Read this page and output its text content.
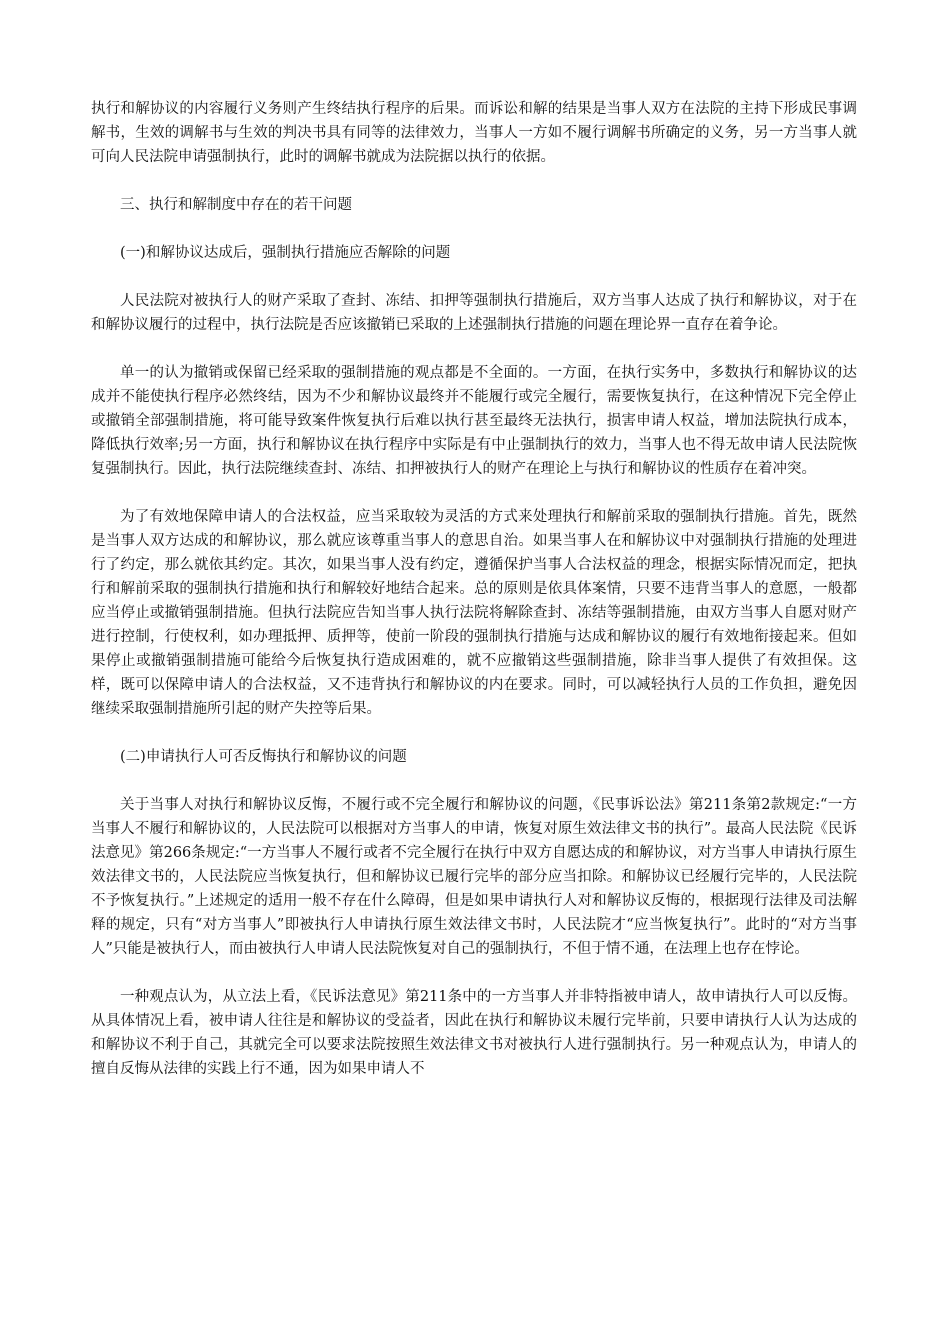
执行和解协议的内容履行义务则产生终结执行程序的后果。而诉讼和解的结果是当事人双方在法院的主持下形成民事调解书，生效的调解书与生效的判决书具有同等的法律效力，当事人一方如不履行调解书所确定的义务，另一方当事人就可向人民法院申请强制执行，此时的调解书就成为法院据以执行的依据。

三、执行和解制度中存在的若干问题

(一)和解协议达成后，强制执行措施应否解除的问题

人民法院对被执行人的财产采取了查封、冻结、扣押等强制执行措施后，双方当事人达成了执行和解协议，对于在和解协议履行的过程中，执行法院是否应该撤销已采取的上述强制执行措施的问题在理论界一直存在着争论。

单一的认为撤销或保留已经采取的强制措施的观点都是不全面的。一方面，在执行实务中，多数执行和解协议的达成并不能使执行程序必然终结，因为不少和解协议最终并不能履行或完全履行，需要恢复执行，在这种情况下完全停止或撤销全部强制措施，将可能导致案件恢复执行后难以执行甚至最终无法执行，损害申请人权益，增加法院执行成本，降低执行效率;另一方面，执行和解协议在执行程序中实际是有中止强制执行的效力，当事人也不得无故申请人民法院恢复强制执行。因此，执行法院继续查封、冻结、扣押被执行人的财产在理论上与执行和解协议的性质存在着冲突。

为了有效地保障申请人的合法权益，应当采取较为灵活的方式来处理执行和解前采取的强制执行措施。首先，既然是当事人双方达成的和解协议，那么就应该尊重当事人的意思自治。如果当事人在和解协议中对强制执行措施的处理进行了约定，那么就依其约定。其次，如果当事人没有约定，遵循保护当事人合法权益的理念，根据实际情况而定，把执行和解前采取的强制执行措施和执行和解较好地结合起来。总的原则是依具体案情，只要不违背当事人的意愿，一般都应当停止或撤销强制措施。但执行法院应告知当事人执行法院将解除查封、冻结等强制措施，由双方当事人自愿对财产进行控制，行使权利，如办理抵押、质押等，使前一阶段的强制执行措施与达成和解协议的履行有效地衔接起来。但如果停止或撤销强制措施可能给今后恢复执行造成困难的，就不应撤销这些强制措施，除非当事人提供了有效担保。这样，既可以保障申请人的合法权益，又不违背执行和解协议的内在要求。同时，可以减轻执行人员的工作负担，避免因继续采取强制措施所引起的财产失控等后果。

(二)申请执行人可否反悔执行和解协议的问题

关于当事人对执行和解协议反悔，不履行或不完全履行和解协议的问题，《民事诉讼法》第211条第2款规定:“一方当事人不履行和解协议的，人民法院可以根据对方当事人的申请，恢复对原生效法律文书的执行”。最高人民法院《民诉法意见》第266条规定:“一方当事人不履行或者不完全履行在执行中双方自愿达成的和解协议，对方当事人申请执行原生效法律文书的，人民法院应当恢复执行，但和解协议已履行完毕的部分应当扣除。和解协议已经履行完毕的，人民法院不予恢复执行。”上述规定的适用一般不存在什么障碍，但是如果申请执行人对和解协议反悔的，根据现行法律及司法解释的规定，只有“对方当事人”即被执行人申请执行原生效法律文书时，人民法院才“应当恢复执行”。此时的“对方当事人”只能是被执行人，而由被执行人申请人民法院恢复对自己的强制执行，不但于情不通，在法理上也存在悖论。

一种观点认为，从立法上看，《民诉法意见》第211条中的一方当事人并非特指被申请人，故申请执行人可以反悔。从具体情况上看，被申请人往往是和解协议的受益者，因此在执行和解协议未履行完毕前，只要申请执行人认为达成的和解协议不利于自己，其就完全可以要求法院按照生效法律文书对被执行人进行强制执行。另一种观点认为，申请人的擅自反悔从法律的实践上行不通，因为如果申请人不
